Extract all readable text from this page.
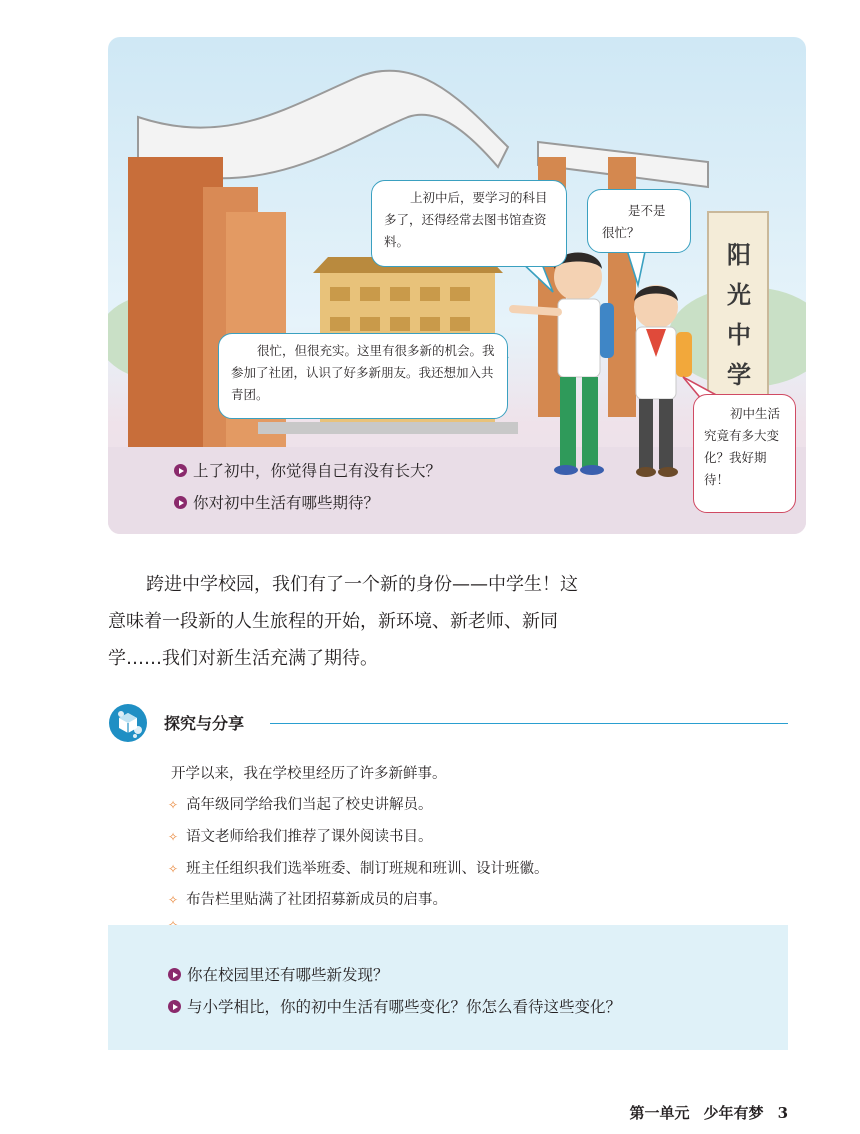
阳光中学
上初中后，要学习的科目多了，还得经常去图书馆查资料。
是不是很忙？
很忙，但很充实。这里有很多新的机会。我参加了社团，认识了好多新朋友。我还想加入共青团。
初中生活究竟有多大变化？我好期待！
上了初中，你觉得自己有没有长大？
你对初中生活有哪些期待？
跨进中学校园，我们有了一个新的身份——中学生！这
意味着一段新的人生旅程的开始，新环境、新老师、新同
学……我们对新生活充满了期待。
探究与分享
开学以来，我在学校里经历了许多新鲜事。
✧ 高年级同学给我们当起了校史讲解员。
✧ 语文老师给我们推荐了课外阅读书目。
✧ 班主任组织我们选举班委、制订班规和班训、设计班徽。
✧ 布告栏里贴满了社团招募新成员的启事。
你在校园里还有哪些新发现？
与小学相比，你的初中生活有哪些变化？你怎么看待这些变化？
第一单元 少年有梦 3
